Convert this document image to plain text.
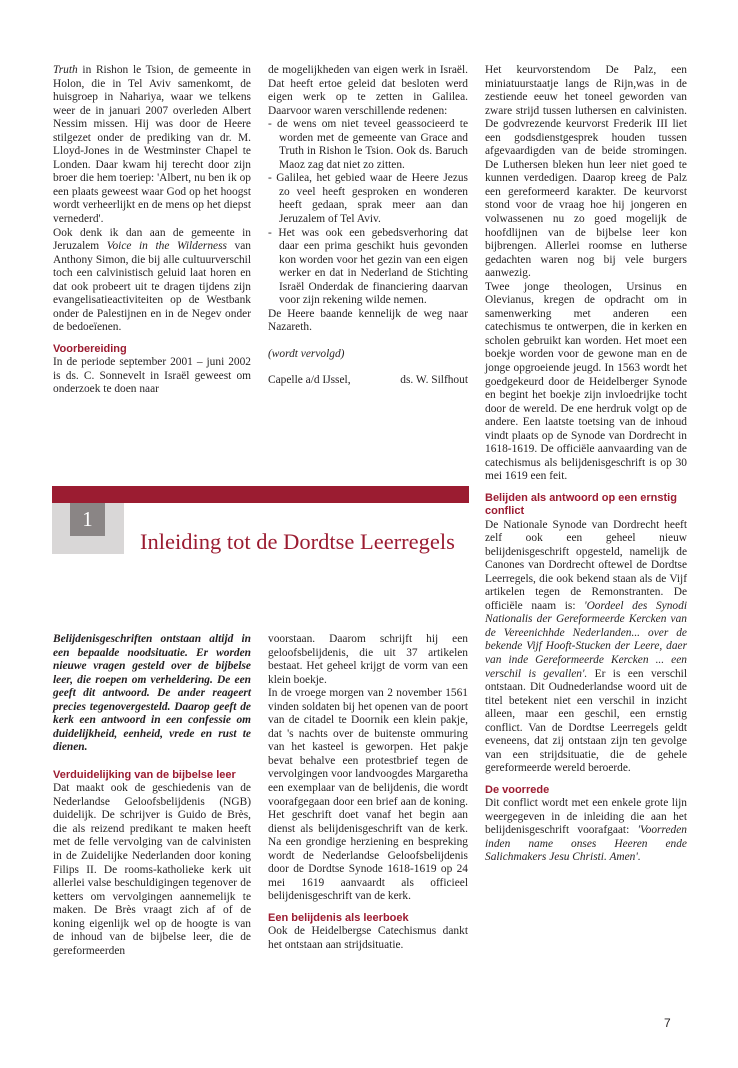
Truth in Rishon le Tsion, de gemeente in Holon, die in Tel Aviv samenkomt, de huisgroep in Nahariya, waar we telkens weer de in januari 2007 overleden Albert Nessim missen. Hij was door de Heere stilgezet onder de prediking van dr. M. Lloyd-Jones in de Westminster Chapel te Londen. Daar kwam hij terecht door zijn broer die hem toeriep: 'Albert, nu ben ik op een plaats geweest waar God op het hoogst wordt verheerlijkt en de mens op het diepst vernederd'.

Ook denk ik dan aan de gemeente in Jeruzalem Voice in the Wilderness van Anthony Simon, die bij alle cultuurverschil toch een calvinistisch geluid laat horen en dat ook probeert uit te dragen tijdens zijn evangelisatieactiviteiten op de Westbank onder de Palestijnen en in de Negev onder de bedoeïenen.

Voorbereiding

In de periode september 2001 – juni 2002 is ds. C. Sonnevelt in Israël geweest om onderzoek te doen naar

de mogelijkheden van eigen werk in Israël. Dat heeft ertoe geleid dat besloten werd eigen werk op te zetten in Galilea. Daarvoor waren verschillende redenen:

- de wens om niet teveel geassocieerd te worden met de gemeente van Grace and Truth in Rishon le Tsion. Ook ds. Baruch Maoz zag dat niet zo zitten.

- Galilea, het gebied waar de Heere Jezus zo veel heeft gesproken en wonderen heeft gedaan, sprak meer aan dan Jeruzalem of Tel Aviv.

- Het was ook een gebedsverhoring dat daar een prima geschikt huis gevonden kon worden voor het gezin van een eigen werker en dat in Nederland de Stichting Israël Onderdak de financiering daarvan voor zijn rekening wilde nemen.

De Heere baande kennelijk de weg naar Nazareth.

(wordt vervolgd)

Capelle a/d IJssel,	ds. W. Silfhout

Het keurvorstendom De Palz, een miniatuurstaatje langs de Rijn,was in de zestiende eeuw het toneel geworden van zware strijd tussen luthersen en calvinisten. De godvrezende keurvorst Frederik III liet een godsdienstgesprek houden tussen afgevaardigden van de beide stromingen. De Luthersen bleken hun leer niet goed te kunnen verdedigen. Daarop kreeg de Palz een gereformeerd karakter. De keurvorst stond voor de vraag hoe hij jongeren en volwassenen nu zo goed mogelijk de hoofdlijnen van de bijbelse leer kon bijbrengen. Allerlei roomse en lutherse gedachten waren nog bij vele burgers aanwezig.

Twee jonge theologen, Ursinus en Olevianus, kregen de opdracht om in samenwerking met anderen een catechismus te ontwerpen, die in kerken en scholen gebruikt kan worden. Het moet een boekje worden voor de gewone man en de jonge opgroeiende jeugd. In 1563 wordt het goedgekeurd door de Heidelberger Synode en begint het boekje zijn invloedrijke tocht door de wereld. De ene herdruk volgt op de andere. Een laatste toetsing van de inhoud vindt plaats op de Synode van Dordrecht in 1618-1619. De officiële aanvaarding van de catechismus als belijdenisgeschrift is op 30 mei 1619 een feit.

Belijden als antwoord op een ernstig conflict

De Nationale Synode van Dordrecht heeft zelf ook een geheel nieuw belijdenisgeschrift opgesteld, namelijk de Canones van Dordrecht oftewel de Dordtse Leerregels, die ook bekend staan als de Vijf artikelen tegen de Remonstranten. De officiële naam is: 'Oordeel des Synodi Nationalis der Gereformeerde Kercken van de Vereenichhde Nederlanden... over de bekende Vijf Hooft-Stucken der Leere, daer van inde Gereformeerde Kercken ... een verschil is gevallen'. Er is een verschil ontstaan. Dit Oudnederlandse woord uit de titel betekent niet een verschil in inzicht alleen, maar een geschil, een ernstig conflict. Van de Dordtse Leerregels geldt eveneens, dat zij ontstaan zijn ten gevolge van een strijdsituatie, die de gehele gereformeerde wereld beroerde.

De voorrede

Dit conflict wordt met een enkele grote lijn weergegeven in de inleiding die aan het belijdenisgeschrift voorafgaat: 'Voorreden inden name onses Heeren ende Salichmakers Jesu Christi. Amen'.

1
Inleiding tot de Dordtse Leerregels

Belijdenisgeschriften ontstaan altijd in een bepaalde noodsituatie. Er worden nieuwe vragen gesteld over de bijbelse leer, die roepen om verheldering. De een geeft dit antwoord. De ander reageert precies tegenovergesteld. Daarop geeft de kerk een antwoord in een confessie om duidelijkheid, eenheid, vrede en rust te dienen.

Verduidelijking van de bijbelse leer

Dat maakt ook de geschiedenis van de Nederlandse Geloofsbelijdenis (NGB) duidelijk. De schrijver is Guido de Brès, die als reizend predikant te maken heeft met de felle vervolging van de calvinisten in de Zuidelijke Nederlanden door koning Filips II. De rooms-katholieke kerk uit allerlei valse beschuldigingen tegenover de ketters om vervolgingen aannemelijk te maken. De Brès vraagt zich af of de koning eigenlijk wel op de hoogte is van de inhoud van de bijbelse leer, die de gereformeerden

voorstaan. Daarom schrijft hij een geloofsbelijdenis, die uit 37 artikelen bestaat. Het geheel krijgt de vorm van een klein boekje.

In de vroege morgen van 2 november 1561 vinden soldaten bij het openen van de poort van de citadel te Doornik een klein pakje, dat 's nachts over de buitenste ommuring van het kasteel is geworpen. Het pakje bevat behalve een protestbrief tegen de vervolgingen voor landvoogdes Margaretha een exemplaar van de belijdenis, die wordt voorafgegaan door een brief aan de koning. Het geschrift doet vanaf het begin aan dienst als belijdenisgeschrift van de kerk. Na een grondige herziening en bespreking wordt de Nederlandse Geloofsbelijdenis door de Dordtse Synode 1618-1619 op 24 mei 1619 aanvaardt als officieel belijdenisgeschrift van de kerk.

Een belijdenis als leerboek

Ook de Heidelbergse Catechismus dankt het ontstaan aan strijdsituatie.

7
